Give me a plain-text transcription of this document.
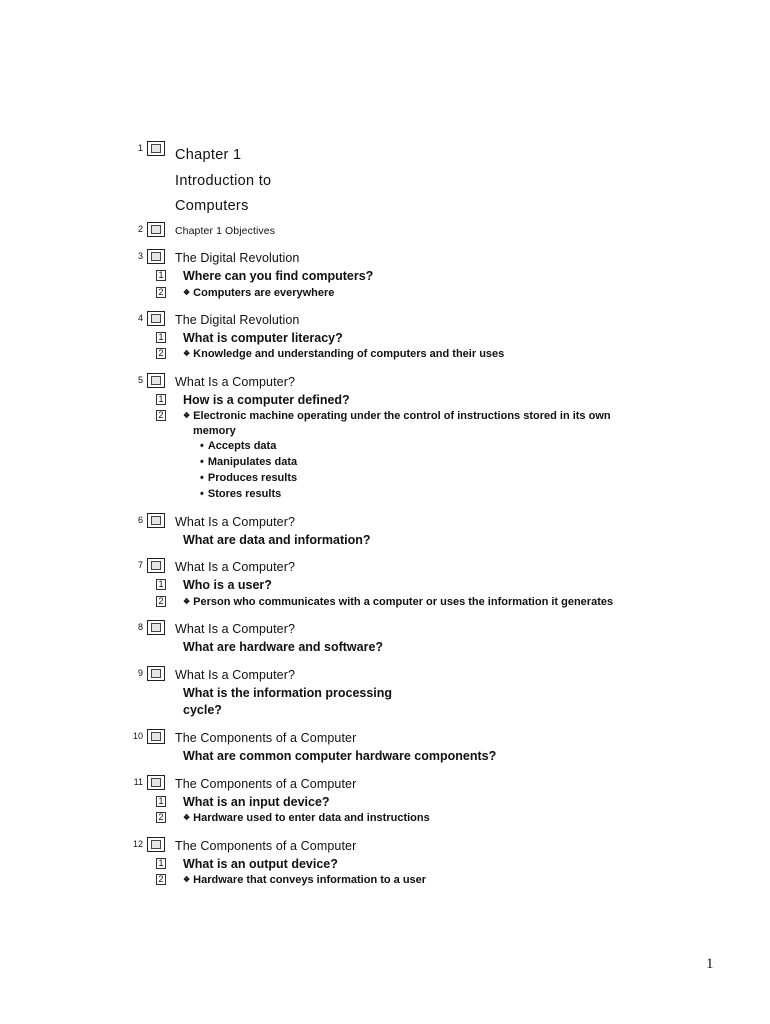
1 Chapter 1
Introduction to
Computers
2	Chapter 1 Objectives
3	The Digital Revolution
1 Where can you find computers?
2	❖ Computers are everywhere
4	The Digital Revolution
1 What is computer literacy?
2	❖ Knowledge and understanding of computers and their uses
5	What Is a Computer?
1 How is a computer defined?
2	❖ Electronic machine operating under the control of instructions stored in its own
memory
• Accepts data
• Manipulates data
• Produces results
• Stores results
6	What Is a Computer?
What are data and information?
7	What Is a Computer?
1 Who is a user?
2	❖ Person who communicates with a computer or uses the information it generates
8	What Is a Computer?
What are hardware and software?
9	What Is a Computer?
What is the information processing
cycle?
10	The Components of a Computer
What are common computer hardware components?
11	The Components of a Computer
1 What is an input device?
2	❖ Hardware used to enter data and instructions
12	The Components of a Computer
1 What is an output device?
2	❖ Hardware that conveys information to a user
1
